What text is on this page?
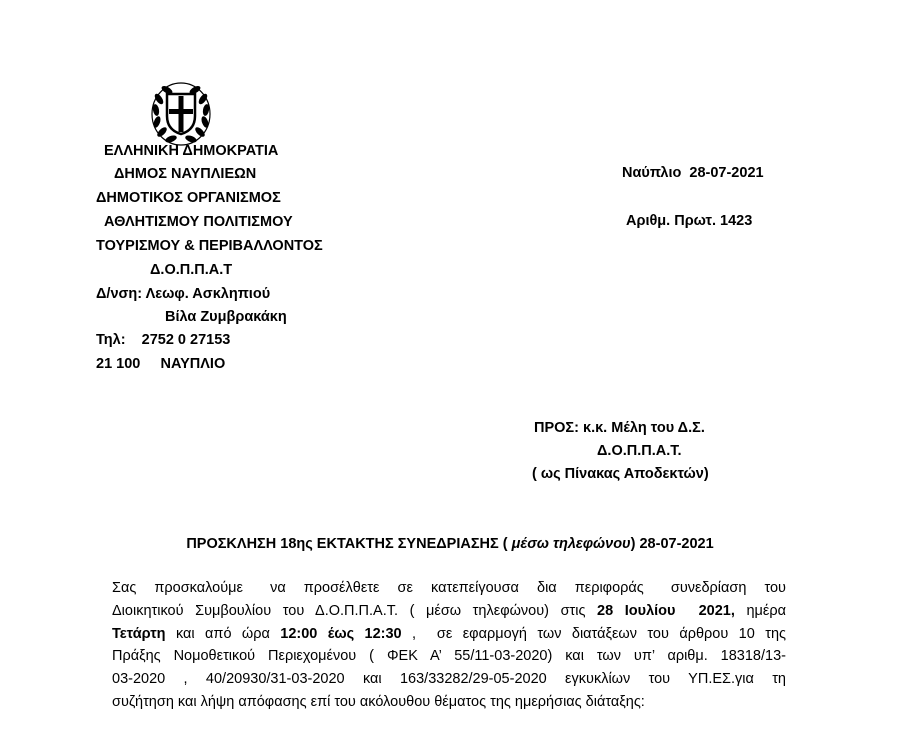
ΕΛΛΗΝΙΚΗ ΔΗΜΟΚΡΑΤΙΑ
ΔΗΜΟΣ ΝΑΥΠΛΙΕΩΝ
ΔΗΜΟΤΙΚΟΣ ΟΡΓΑΝΙΣΜΟΣ
ΑΘΛΗΤΙΣΜΟΥ ΠΟΛΙΤΙΣΜΟΥ
ΤΟΥΡΙΣΜΟΥ & ΠΕΡΙΒΑΛΛΟΝΤΟΣ
Δ.Ο.Π.Π.Α.Τ
Δ/νση: Λεωφ. Ασκληπιού
Βίλα Ζυμβρακάκη
Τηλ:    2752 0 27153
21 100     ΝΑΥΠΛΙΟ
Ναύπλιο  28-07-2021
Αριθμ. Πρωτ. 1423
ΠΡΟΣ: κ.κ. Μέλη του Δ.Σ.
Δ.Ο.Π.Π.Α.Τ.
( ως Πίνακας Αποδεκτών)
ΠΡΟΣΚΛΗΣΗ 18ης ΕΚΤΑΚΤΗΣ ΣΥΝΕΔΡΙΑΣΗΣ ( μέσω τηλεφώνου) 28-07-2021
Σας  προσκαλούμε   να  προσέλθετε  σε  κατεπείγουσα  δια  περιφοράς   συνεδρίαση  του
Διοικητικού Συμβουλίου του Δ.Ο.Π.Π.Α.Τ. ( μέσω τηλεφώνου) στις 28 Ιουλίου  2021, ημέρα
Τετάρτη και από ώρα 12:00 έως 12:30 ,  σε εφαρμογή των διατάξεων του άρθρου 10 της
Πράξης Νομοθετικού Περιεχομένου ( ΦΕΚ Α’ 55/11-03-2020) και των υπ’ αριθμ. 18318/13-
03-2020  ,  40/20930/31-03-2020  και  163/33282/29-05-2020  εγκυκλίων  του  ΥΠ.ΕΣ.για  τη
συζήτηση και λήψη απόφασης επί του ακόλουθου θέματος της ημερήσιας διάταξης:
